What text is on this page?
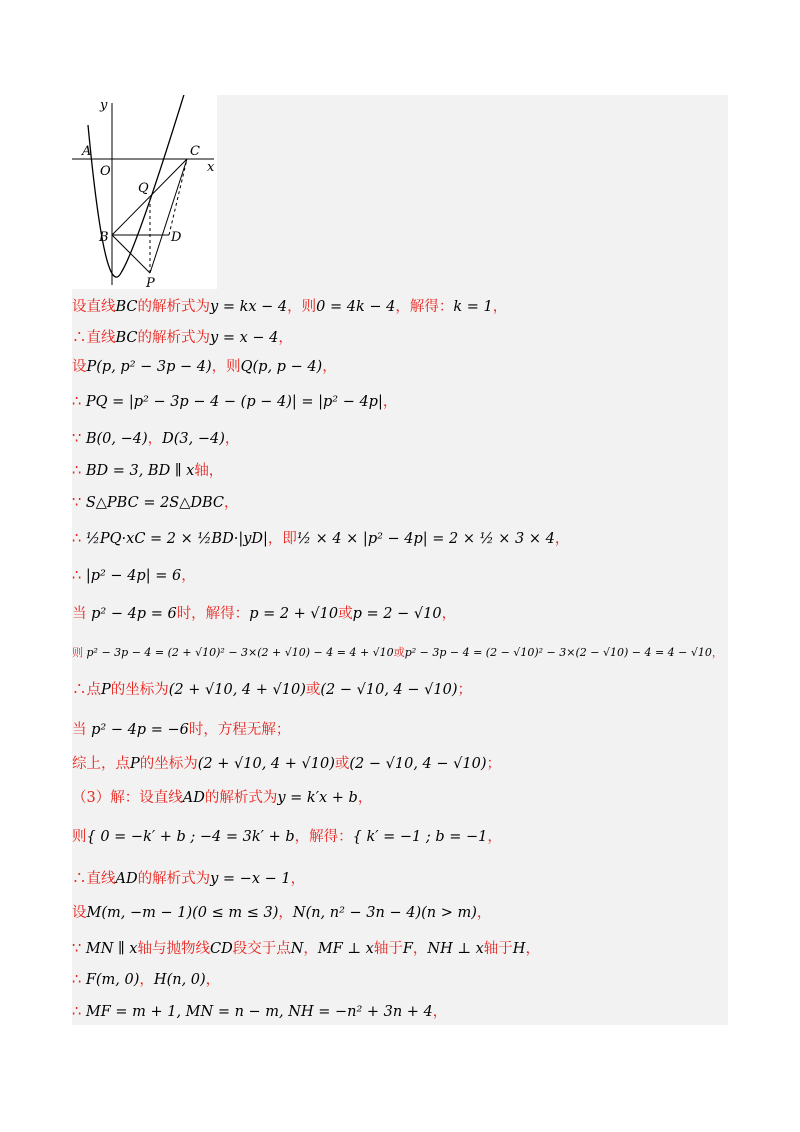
y
x
A
O
C
Q
B	D
P
设直线BC的解析式为y = kx − 4，则0 = 4k − 4，解得：k = 1，
∴直线BC的解析式为y = x − 4，
设P(p, p² − 3p − 4)，则Q(p, p − 4)，
∴ PQ = |p² − 3p − 4 − (p − 4)| = |p² − 4p|，
∵ B(0, −4)，D(3, −4)，
∴ BD = 3, BD ∥ x轴，
∵ S△PBC = 2S△DBC，
∴ ½PQ·xC = 2 × ½BD·|yD|，即½ × 4 × |p² − 4p| = 2 × ½ × 3 × 4，
∴ |p² − 4p| = 6，
当 p² − 4p = 6时，解得：p = 2 + √10或p = 2 − √10，
则 p² − 3p − 4 = (2 + √10)² − 3×(2 + √10) − 4 = 4 + √10或p² − 3p − 4 = (2 − √10)² − 3×(2 − √10) − 4 = 4 − √10，
∴点P的坐标为(2 + √10, 4 + √10)或(2 − √10, 4 − √10)；
当 p² − 4p = −6时，方程无解；
综上，点P的坐标为(2 + √10, 4 + √10)或(2 − √10, 4 − √10)；
（3）解：设直线AD的解析式为y = k′x + b，
则{ 0 = −k′ + b ; −4 = 3k′ + b，解得：{ k′ = −1 ; b = −1，
∴直线AD的解析式为y = −x − 1，
设M(m, −m − 1)(0 ≤ m ≤ 3)，N(n, n² − 3n − 4)(n > m)，
∵ MN ∥ x轴与抛物线CD段交于点N，MF ⊥ x轴于F，NH ⊥ x轴于H，
∴ F(m, 0)，H(n, 0)，
∴ MF = m + 1, MN = n − m, NH = −n² + 3n + 4，
